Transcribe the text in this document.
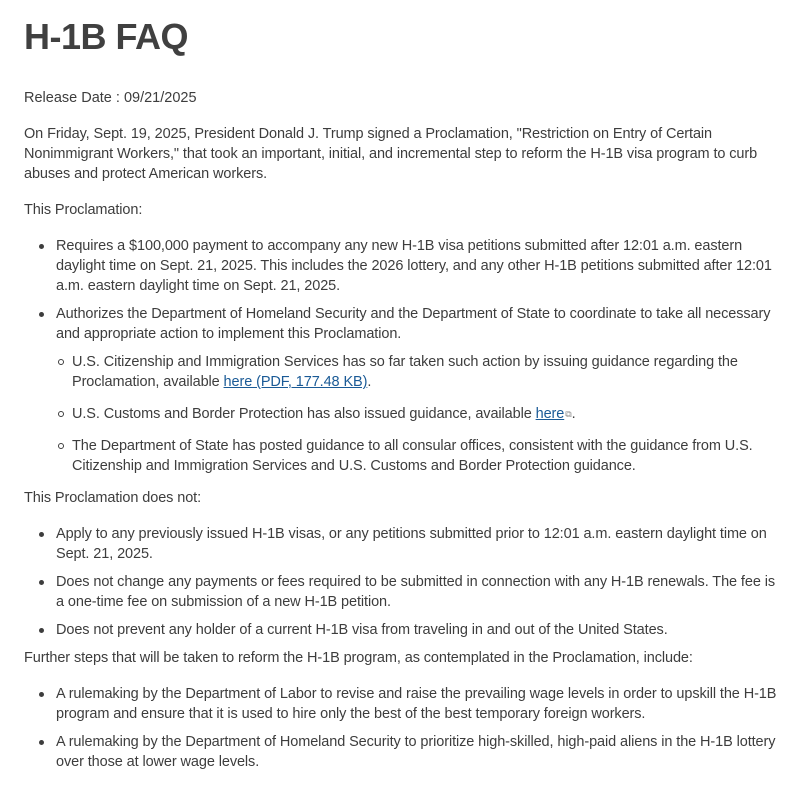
H-1B FAQ
Release Date : 09/21/2025

On Friday, Sept. 19, 2025, President Donald J. Trump signed a Proclamation, "Restriction on Entry of Certain Nonimmigrant Workers," that took an important, initial, and incremental step to reform the H-1B visa program to curb abuses and protect American workers.

This Proclamation:

Requires a $100,000 payment to accompany any new H-1B visa petitions submitted after 12:01 a.m. eastern daylight time on Sept. 21, 2025. This includes the 2026 lottery, and any other H-1B petitions submitted after 12:01 a.m. eastern daylight time on Sept. 21, 2025.
Authorizes the Department of Homeland Security and the Department of State to coordinate to take all necessary and appropriate action to implement this Proclamation.
U.S. Citizenship and Immigration Services has so far taken such action by issuing guidance regarding the Proclamation, available here (PDF, 177.48 KB).
U.S. Customs and Border Protection has also issued guidance, available here⧉.
The Department of State has posted guidance to all consular offices, consistent with the guidance from U.S. Citizenship and Immigration Services and U.S. Customs and Border Protection guidance.

This Proclamation does not:

Apply to any previously issued H-1B visas, or any petitions submitted prior to 12:01 a.m. eastern daylight time on Sept. 21, 2025.
Does not change any payments or fees required to be submitted in connection with any H-1B renewals. The fee is a one-time fee on submission of a new H-1B petition.
Does not prevent any holder of a current H-1B visa from traveling in and out of the United States.

Further steps that will be taken to reform the H-1B program, as contemplated in the Proclamation, include:

A rulemaking by the Department of Labor to revise and raise the prevailing wage levels in order to upskill the H-1B program and ensure that it is used to hire only the best of the best temporary foreign workers.
A rulemaking by the Department of Homeland Security to prioritize high-skilled, high-paid aliens in the H-1B lottery over those at lower wage levels.
